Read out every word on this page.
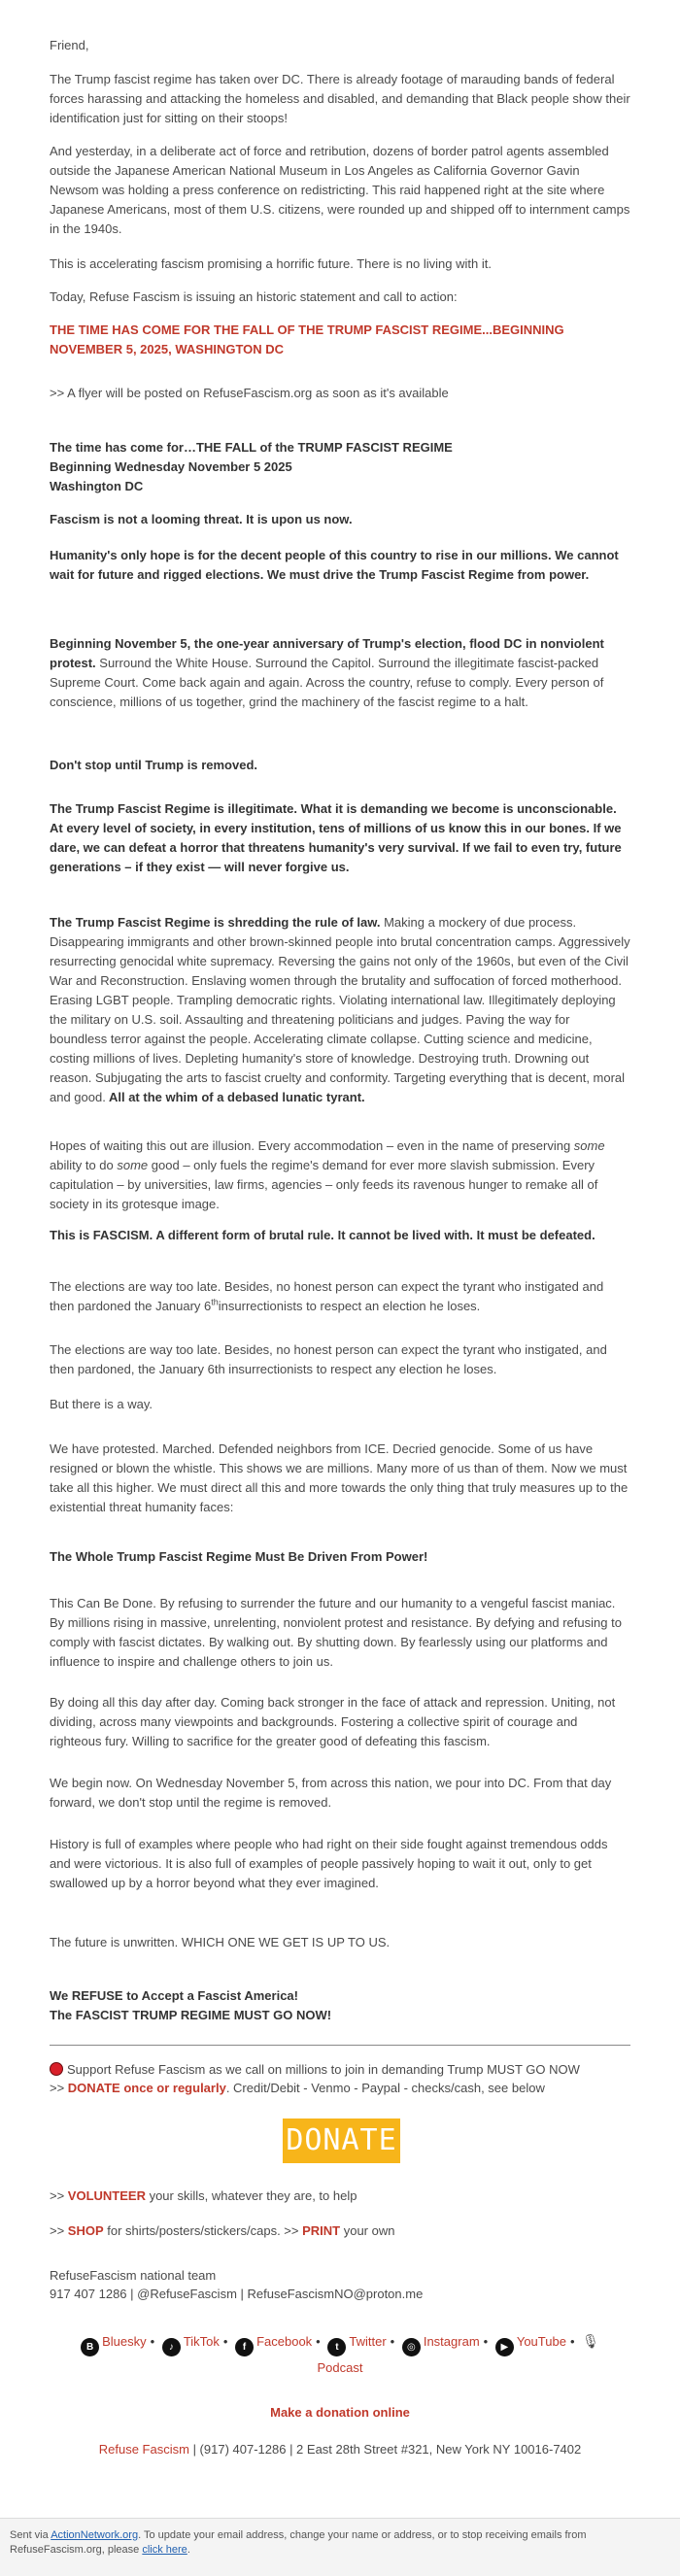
Friend,

The Trump fascist regime has taken over DC. There is already footage of marauding bands of federal forces harassing and attacking the homeless and disabled, and demanding that Black people show their identification just for sitting on their stoops!

And yesterday, in a deliberate act of force and retribution, dozens of border patrol agents assembled outside the Japanese American National Museum in Los Angeles as California Governor Gavin Newsom was holding a press conference on redistricting. This raid happened right at the site where Japanese Americans, most of them U.S. citizens, were rounded up and shipped off to internment camps in the 1940s.

This is accelerating fascism promising a horrific future. There is no living with it.

Today, Refuse Fascism is issuing an historic statement and call to action:

THE TIME HAS COME FOR THE FALL OF THE TRUMP FASCIST REGIME...BEGINNING NOVEMBER 5, 2025, WASHINGTON DC

>> A flyer will be posted on RefuseFascism.org as soon as it's available

The time has come for…THE FALL of the TRUMP FASCIST REGIME
Beginning Wednesday November 5 2025
Washington DC

Fascism is not a looming threat. It is upon us now.

Humanity's only hope is for the decent people of this country to rise in our millions. We cannot wait for future and rigged elections. We must drive the Trump Fascist Regime from power.

Beginning November 5, the one-year anniversary of Trump's election, flood DC in nonviolent protest. Surround the White House. Surround the Capitol. Surround the illegitimate fascist-packed Supreme Court. Come back again and again. Across the country, refuse to comply. Every person of conscience, millions of us together, grind the machinery of the fascist regime to a halt.

Don't stop until Trump is removed.

The Trump Fascist Regime is illegitimate. What it is demanding we become is unconscionable. At every level of society, in every institution, tens of millions of us know this in our bones. If we dare, we can defeat a horror that threatens humanity's very survival. If we fail to even try, future generations – if they exist — will never forgive us.

The Trump Fascist Regime is shredding the rule of law. Making a mockery of due process. Disappearing immigrants and other brown-skinned people into brutal concentration camps. Aggressively resurrecting genocidal white supremacy. Reversing the gains not only of the 1960s, but even of the Civil War and Reconstruction. Enslaving women through the brutality and suffocation of forced motherhood. Erasing LGBT people. Trampling democratic rights. Violating international law. Illegitimately deploying the military on U.S. soil. Assaulting and threatening politicians and judges. Paving the way for boundless terror against the people. Accelerating climate collapse. Cutting science and medicine, costing millions of lives. Depleting humanity's store of knowledge. Destroying truth. Drowning out reason. Subjugating the arts to fascist cruelty and conformity. Targeting everything that is decent, moral and good. All at the whim of a debased lunatic tyrant.

Hopes of waiting this out are illusion. Every accommodation – even in the name of preserving some ability to do some good – only fuels the regime's demand for ever more slavish submission. Every capitulation – by universities, law firms, agencies – only feeds its ravenous hunger to remake all of society in its grotesque image.

This is FASCISM. A different form of brutal rule. It cannot be lived with. It must be defeated.

The elections are way too late. Besides, no honest person can expect the tyrant who instigated and then pardoned the January 6thinsurrectionists to respect an election he loses.

The elections are way too late. Besides, no honest person can expect the tyrant who instigated, and then pardoned, the January 6th insurrectionists to respect any election he loses.

But there is a way.

We have protested. Marched. Defended neighbors from ICE. Decried genocide. Some of us have resigned or blown the whistle. This shows we are millions. Many more of us than of them. Now we must take all this higher. We must direct all this and more towards the only thing that truly measures up to the existential threat humanity faces:

The Whole Trump Fascist Regime Must Be Driven From Power!

This Can Be Done. By refusing to surrender the future and our humanity to a vengeful fascist maniac. By millions rising in massive, unrelenting, nonviolent protest and resistance. By defying and refusing to comply with fascist dictates. By walking out. By shutting down. By fearlessly using our platforms and influence to inspire and challenge others to join us.

By doing all this day after day. Coming back stronger in the face of attack and repression. Uniting, not dividing, across many viewpoints and backgrounds. Fostering a collective spirit of courage and righteous fury. Willing to sacrifice for the greater good of defeating this fascism.

We begin now. On Wednesday November 5, from across this nation, we pour into DC. From that day forward, we don't stop until the regime is removed.

History is full of examples where people who had right on their side fought against tremendous odds and were victorious. It is also full of examples of people passively hoping to wait it out, only to get swallowed up by a horror beyond what they ever imagined.

The future is unwritten. WHICH ONE WE GET IS UP TO US.

We REFUSE to Accept a Fascist America!
The FASCIST TRUMP REGIME MUST GO NOW!

Support Refuse Fascism as we call on millions to join in demanding Trump MUST GO NOW

>> DONATE once or regularly. Credit/Debit - Venmo - Paypal - checks/cash, see below

>> VOLUNTEER your skills, whatever they are, to help

>> SHOP for shirts/posters/stickers/caps. >> PRINT your own

RefuseFascism national team

917 407 1286 | @RefuseFascism | RefuseFascismNO@proton.me

DONATE
B Bluesky • ♪ TikTok • f Facebook • t Twitter • ◎ Instagram • ▶ YouTube • 🎙
Podcast
Make a donation online
Refuse Fascism | (917) 407-1286 | 2 East 28th Street #321, New York NY 10016-7402
Sent via ActionNetwork.org. To update your email address, change your name or address, or to stop receiving emails from RefuseFascism.org, please click here.
